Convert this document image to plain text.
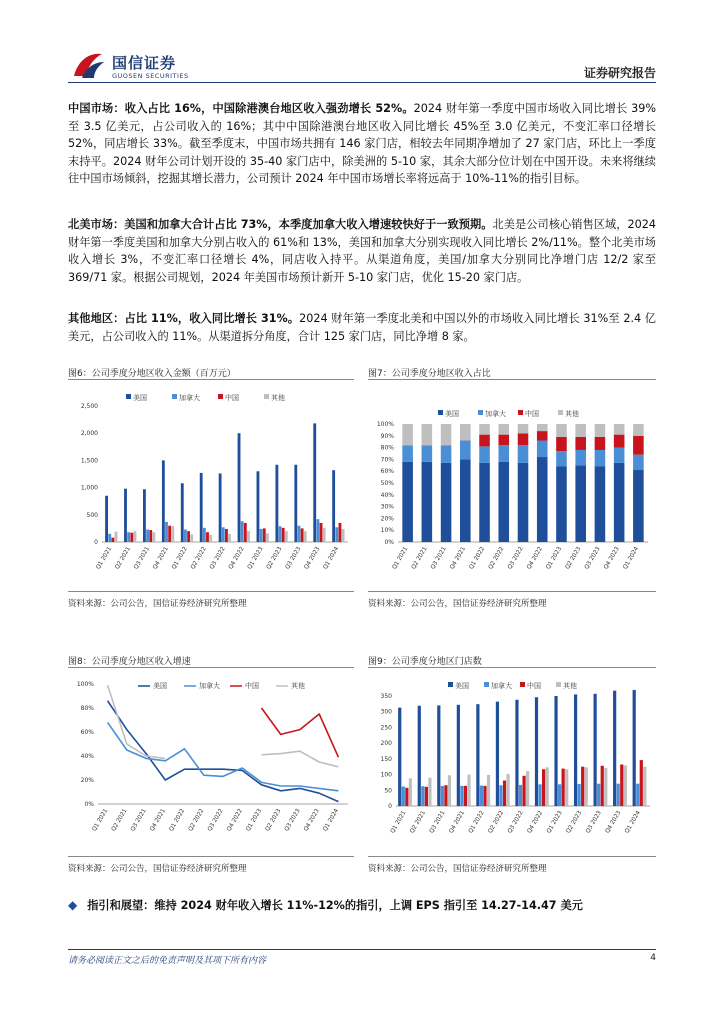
国信证券
GUOSEN SECURITIES	证券研究报告
中国市场：收入占比 16%，中国除港澳台地区收入强劲增长 52%。2024 财年第一季度中国市场收入同比增长 39%至 3.5 亿美元，占公司收入的 16%；其中中国除港澳台地区收入同比增长 45%至 3.0 亿美元，不变汇率口径增长 52%，同店增长 33%。截至季度末，中国市场共拥有 146 家门店，相较去年同期净增加了 27 家门店，环比上一季度末持平。2024 财年公司计划开设的 35-40 家门店中，除美洲的 5-10 家，其余大部分位计划在中国开设。未来将继续往中国市场倾斜，挖掘其增长潜力，公司预计 2024 年中国市场增长率将远高于 10%-11%的指引目标。
北美市场：美国和加拿大合计占比 73%，本季度加拿大收入增速较快好于一致预期。北美是公司核心销售区域，2024 财年第一季度美国和加拿大分别占收入的 61%和 13%，美国和加拿大分别实现收入同比增长 2%/11%。整个北美市场收入增长 3%，不变汇率口径增长 4%，同店收入持平。从渠道角度，美国/加拿大分别同比净增门店 12/2 家至 369/71 家。根据公司规划，2024 年美国市场预计新开 5-10 家门店，优化 15-20 家门店。
其他地区：占比 11%，收入同比增长 31%。2024 财年第一季度北美和中国以外的市场收入同比增长 31%至 2.4 亿美元，占公司收入的 11%。从渠道拆分角度，合计 125 家门店，同比净增 8 家。
图6：公司季度分地区收入金额（百万元）
美国	加拿大	中国	其他
0
500
1,000
1,500
2,000
2,500
Q1 2021 Q2 2021 Q3 2021 Q4 2021 Q1 2022 Q2 2022 Q3 2022 Q4 2022 Q1 2023 Q2 2023 Q3 2023 Q4 2023 Q1 2024
资料来源：公司公告，国信证券经济研究所整理
图7：公司季度分地区收入占比
美国	加拿大	中国	其他
0%
10%
20%
30%
40%
50%
60%
70%
80%
90%
100%
Q1 2021 Q2 2021 Q3 2021 Q4 2021 Q1 2022 Q2 2022 Q3 2022 Q4 2022 Q1 2023 Q2 2023 Q3 2023 Q4 2023 Q1 2024
资料来源：公司公告，国信证券经济研究所整理
图8：公司季度分地区收入增速
0%
20%
40%
60%
80%
100%
Q1 2021 Q2 2021 Q3 2021 Q4 2021 Q1 2022 Q2 2022 Q3 2022 Q4 2022 Q1 2023 Q2 2023 Q3 2023 Q4 2023 Q1 2024
美国	加拿大	中国	其他
资料来源：公司公告，国信证券经济研究所整理
图9：公司季度分地区门店数
美国	加拿大 中国	其他
0
50
100
150
200
250
300
350
Q1 2021 Q2 2021 Q3 2021 Q4 2021 Q1 2022 Q2 2022 Q3 2022 Q4 2022 Q1 2023 Q2 2023 Q3 2023 Q4 2023 Q1 2024
资料来源：公司公告，国信证券经济研究所整理
◆ 指引和展望：维持 2024 财年收入增长 11%-12%的指引，上调 EPS 指引至 14.27-14.47 美元
请务必阅读正文之后的免责声明及其项下所有内容	4
